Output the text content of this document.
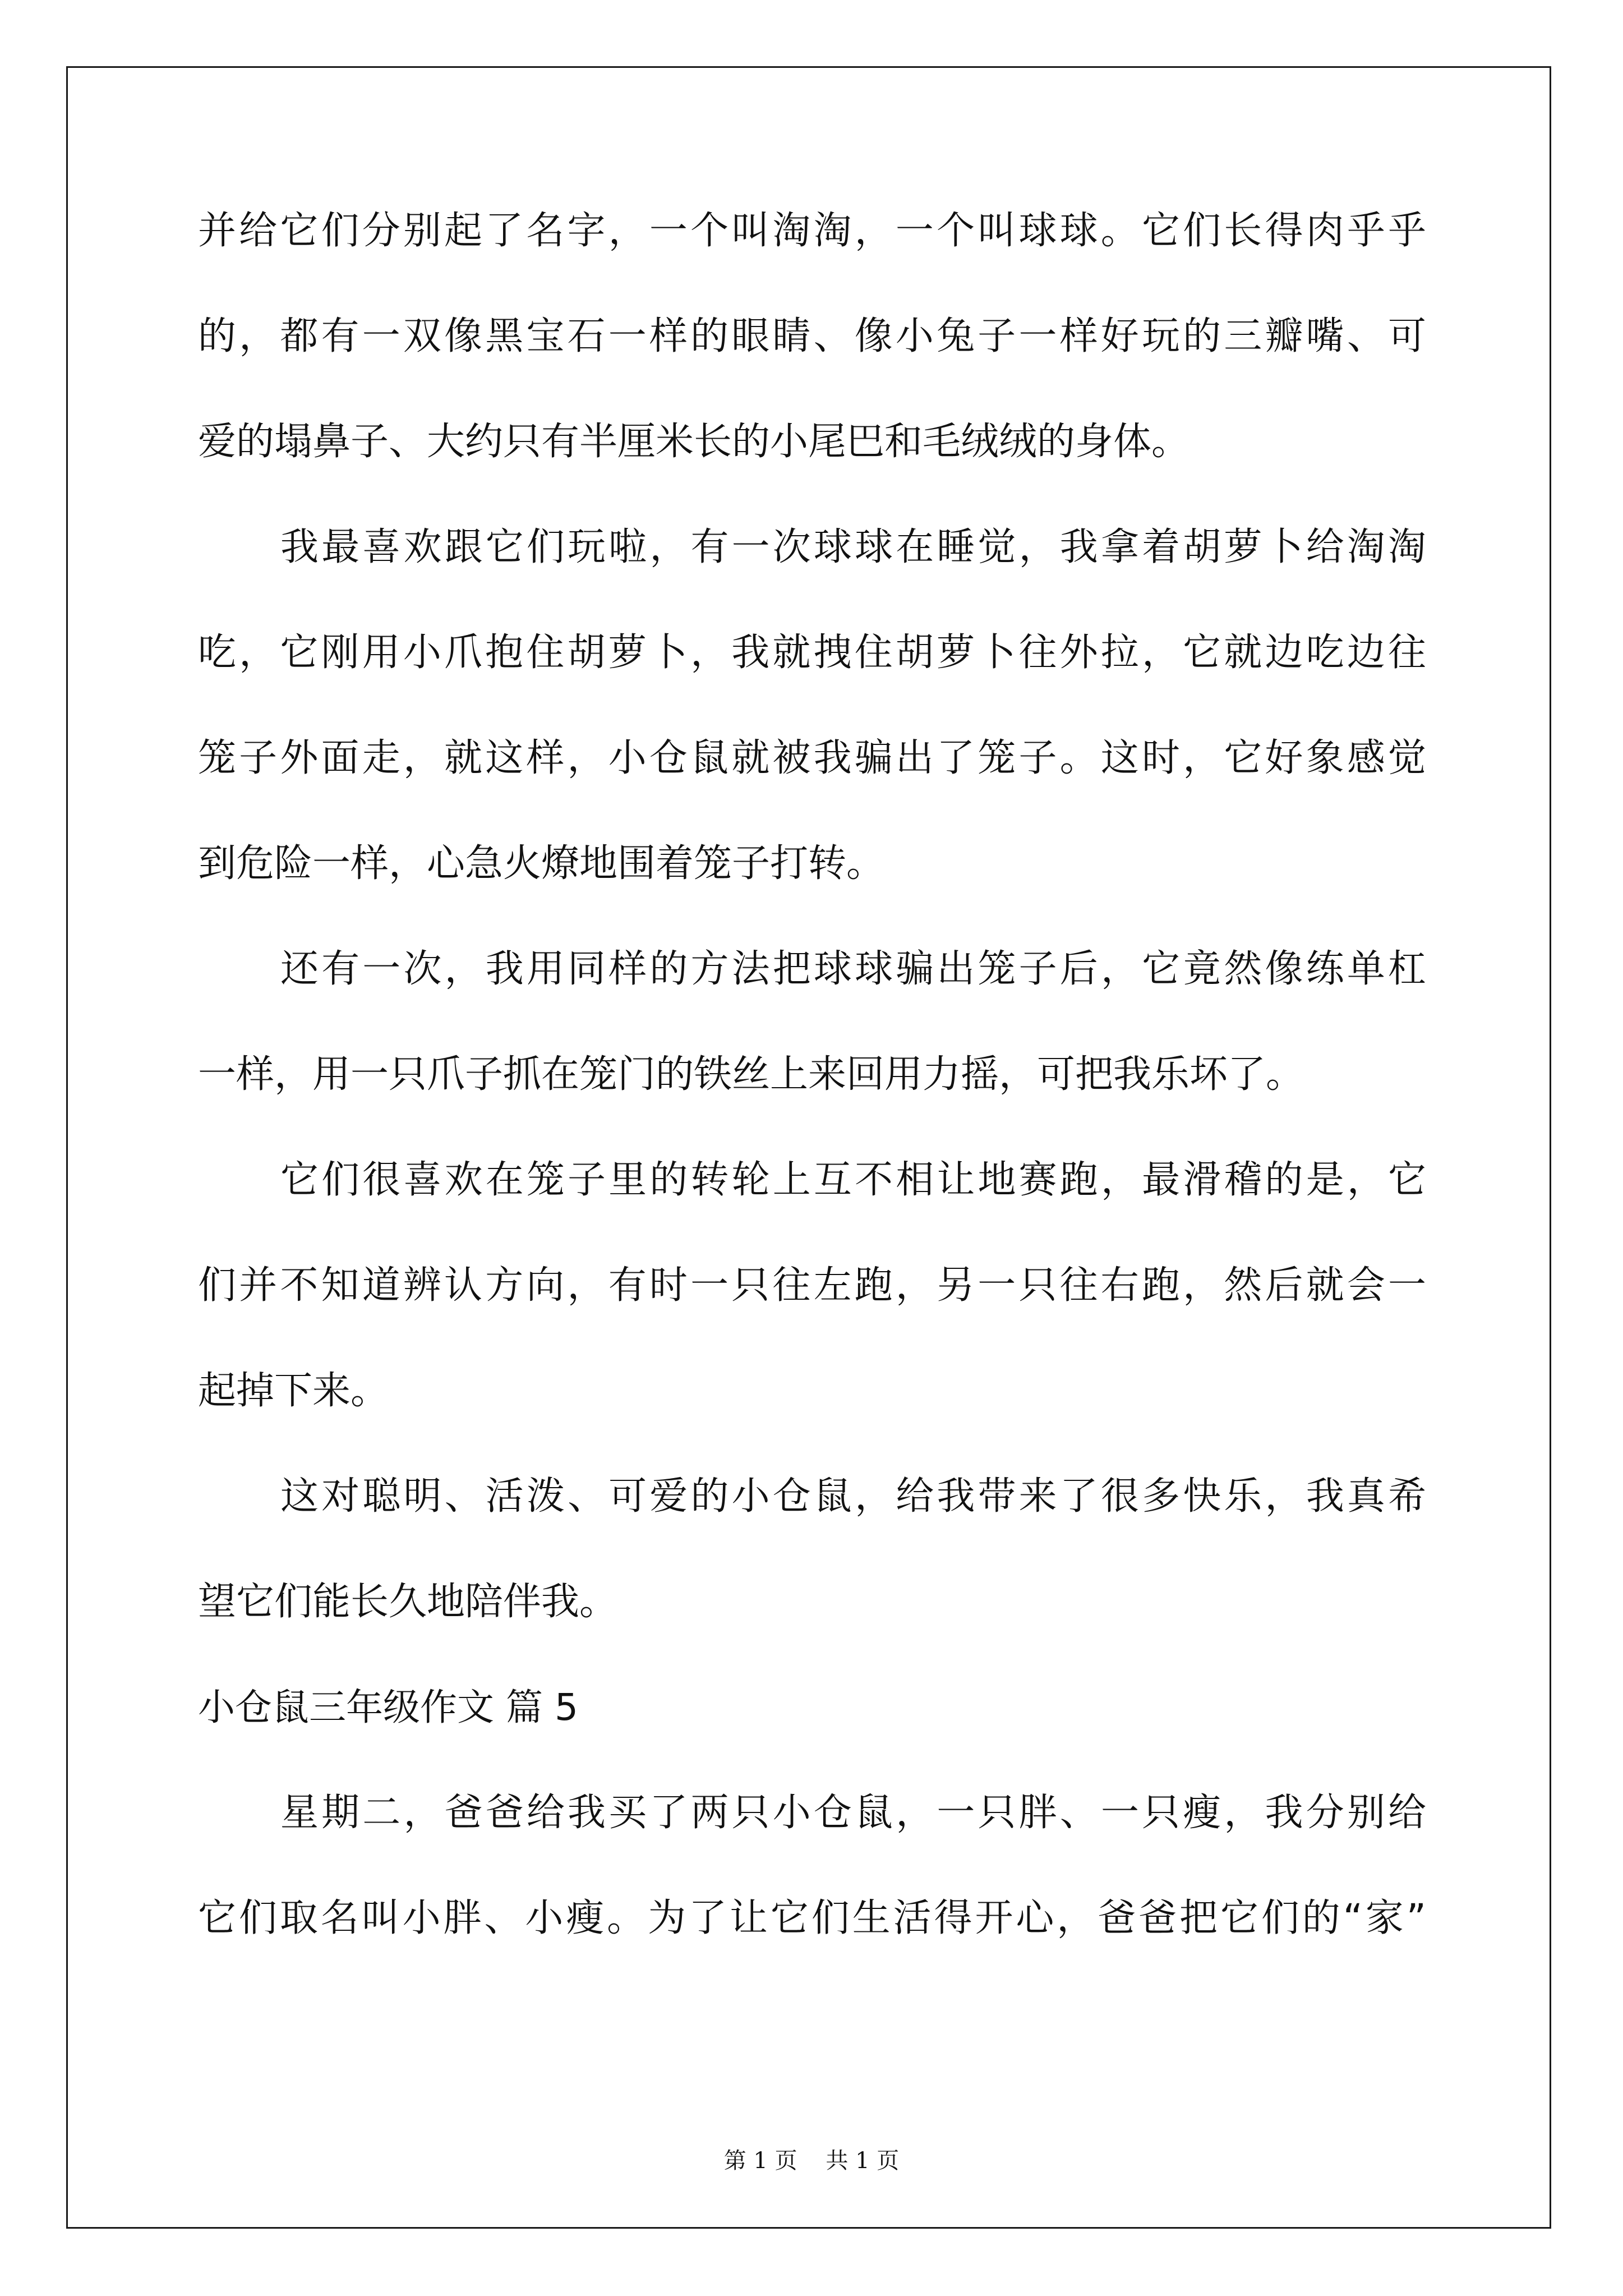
并给它们分别起了名字，一个叫淘淘，一个叫球球。它们长得肉乎乎
的，都有一双像黑宝石一样的眼睛、像小兔子一样好玩的三瓣嘴、可
爱的塌鼻子、大约只有半厘米长的小尾巴和毛绒绒的身体。
我最喜欢跟它们玩啦，有一次球球在睡觉，我拿着胡萝卜给淘淘
吃，它刚用小爪抱住胡萝卜，我就拽住胡萝卜往外拉，它就边吃边往
笼子外面走，就这样，小仓鼠就被我骗出了笼子。这时，它好象感觉
到危险一样，心急火燎地围着笼子打转。
还有一次，我用同样的方法把球球骗出笼子后，它竟然像练单杠
一样，用一只爪子抓在笼门的铁丝上来回用力摇，可把我乐坏了。
它们很喜欢在笼子里的转轮上互不相让地赛跑，最滑稽的是，它
们并不知道辨认方向，有时一只往左跑，另一只往右跑，然后就会一
起掉下来。
这对聪明、活泼、可爱的小仓鼠，给我带来了很多快乐，我真希
望它们能长久地陪伴我。
小仓鼠三年级作文 篇 5
星期二，爸爸给我买了两只小仓鼠，一只胖、一只瘦，我分别给
它们取名叫小胖、小瘦。为了让它们生活得开心，爸爸把它们的“家”
第 1 页    共 1 页
